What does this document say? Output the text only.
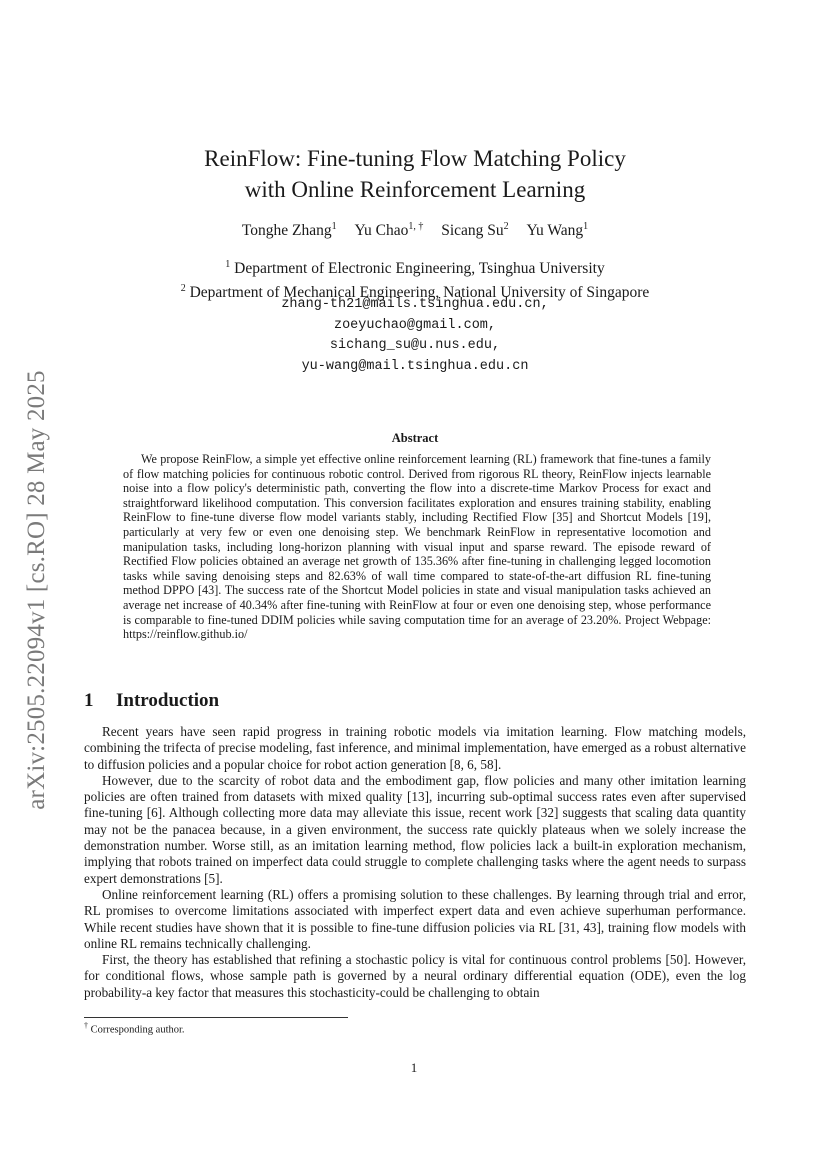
arXiv:2505.22094v1 [cs.RO] 28 May 2025
ReinFlow: Fine-tuning Flow Matching Policy
with Online Reinforcement Learning
Tonghe Zhang$^1$ Yu Chao$^{1, \dagger}$ Sicang Su$^2$ Yu Wang$^1$
$^1$ Department of Electronic Engineering, Tsinghua University
$^2$ Department of Mechanical Engineering, National University of Singapore
zhang-th21@mails.tsinghua.edu.cn,
zoeyuchao@gmail.com,
sichang_su@u.nus.edu,
yu-wang@mail.tsinghua.edu.cn
Abstract

We propose ReinFlow, a simple yet effective online reinforcement learning (RL) framework that fine-tunes a family of flow matching policies for continuous robotic control. Derived from rigorous RL theory, ReinFlow injects learnable noise into a flow policy's deterministic path, converting the flow into a discrete-time Markov Process for exact and straightforward likelihood computation. This conversion facilitates exploration and ensures training stability, enabling ReinFlow to fine-tune diverse flow model variants stably, including Rectified Flow [35] and Shortcut Models [19], particularly at very few or even one denoising step. We benchmark ReinFlow in representative locomotion and manipulation tasks, including long-horizon planning with visual input and sparse reward. The episode reward of Rectified Flow policies obtained an average net growth of 135.36% after fine-tuning in challenging legged locomotion tasks while saving denoising steps and 82.63% of wall time compared to state-of-the-art diffusion RL fine-tuning method DPPO [43]. The success rate of the Shortcut Model policies in state and visual manipulation tasks achieved an average net increase of 40.34% after fine-tuning with ReinFlow at four or even one denoising step, whose performance is comparable to fine-tuned DDIM policies while saving computation time for an average of 23.20%. Project Webpage: https://reinflow.github.io/

1 Introduction

Recent years have seen rapid progress in training robotic models via imitation learning. Flow matching models, combining the trifecta of precise modeling, fast inference, and minimal implementation, have emerged as a robust alternative to diffusion policies and a popular choice for robot action generation [8, 6, 58].

However, due to the scarcity of robot data and the embodiment gap, flow policies and many other imitation learning policies are often trained from datasets with mixed quality [13], incurring sub-optimal success rates even after supervised fine-tuning [6]. Although collecting more data may alleviate this issue, recent work [32] suggests that scaling data quantity may not be the panacea because, in a given environment, the success rate quickly plateaus when we solely increase the demonstration number. Worse still, as an imitation learning method, flow policies lack a built-in exploration mechanism, implying that robots trained on imperfect data could struggle to complete challenging tasks where the agent needs to surpass expert demonstrations [5].

Online reinforcement learning (RL) offers a promising solution to these challenges. By learning through trial and error, RL promises to overcome limitations associated with imperfect expert data and even achieve superhuman performance. While recent studies have shown that it is possible to fine-tune diffusion policies via RL [31, 43], training flow models with online RL remains technically challenging.

First, the theory has established that refining a stochastic policy is vital for continuous control problems [50]. However, for conditional flows, whose sample path is governed by a neural ordinary differential equation (ODE), even the log probability-a key factor that measures this stochasticity-could be challenging to obtain

† Corresponding author.
1
